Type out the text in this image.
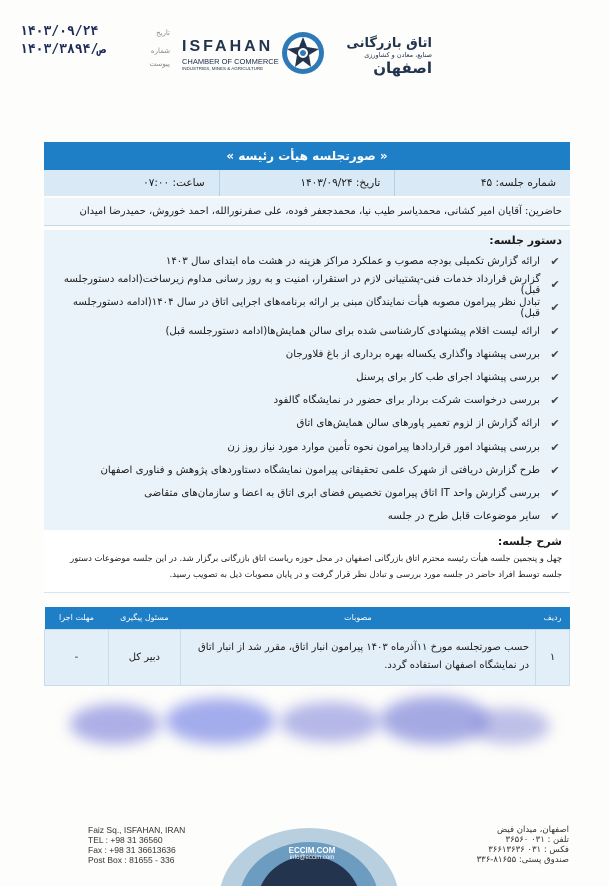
۱۴۰۳/۰۹/۲۴	تاریخ
۱۴۰۳/ص/۳۸۹۴	شماره
پیوست
ISFAHAN
CHAMBER OF COMMERCE
INDUSTRIES, MINES & AGRICULTURE
اتاق بازرگانی
صنایع، معادن و کشاورزی
اصفهان
« صورتجلسه هیأت رئیسه »
شماره جلسه: ۴۵
تاریخ: ۱۴۰۳/۰۹/۲۴
ساعت: ۰۷:۰۰
حاضرین: آقایان امیر کشانی، محمدیاسر طیب نیا، محمدجعفر فوده، علی صفرنورالله، احمد خوروش، حمیدرضا امیدان
دستور جلسه:
✔
ارائه گزارش تکمیلی بودجه مصوب و عملکرد مراکز هزینه در هشت ماه ابتدای سال ۱۴۰۳
✔
گزارش قرارداد خدمات فنی-پشتیبانی لازم در استقرار، امنیت و به روز رسانی مداوم زیرساخت(ادامه دستورجلسه قبل)
✔
تبادل نظر پیرامون مصوبه هیأت نمایندگان مبنی بر ارائه برنامه‌های اجرایی اتاق در سال ۱۴۰۴(ادامه دستورجلسه قبل)
✔
ارائه لیست اقلام پیشنهادی کارشناسی شده برای سالن همایش‌ها(ادامه دستورجلسه قبل)
✔
بررسی پیشنهاد واگذاری یکساله بهره برداری از باغ فلاورجان
✔
بررسی پیشنهاد اجرای طب کار برای پرسنل
✔
بررسی درخواست شرکت بردار برای حضور در نمایشگاه گالفود
✔
ارائه گزارش از لزوم تعمیر پاورهای سالن همایش‌های اتاق
✔
بررسی پیشنهاد امور قراردادها پیرامون نحوه تأمین موارد مورد نیاز روز زن
✔
طرح گزارش دریافتی از شهرک علمی تحقیقاتی پیرامون نمایشگاه دستاوردهای پژوهش و فناوری اصفهان
✔
بررسی گزارش واحد IT اتاق پیرامون تخصیص فضای ابری اتاق به اعضا و سازمان‌های متقاضی
✔
سایر موضوعات قابل طرح در جلسه
شرح جلسه:
چهل و پنجمین جلسه هیأت رئیسه محترم اتاق بازرگانی اصفهان در محل حوزه ریاست اتاق بازرگانی برگزار شد. در این جلسه موضوعات دستور جلسه توسط افراد حاضر در جلسه مورد بررسی و تبادل نظر قرار گرفت و در پایان مصوبات ذیل به تصویب رسید.
ردیف	مصوبات	مسئول پیگیری	مهلت اجرا
۱	حسب صورتجلسه مورخ ۱۱آذرماه ۱۴۰۳ پیرامون انبار اتاق، مقرر شد از انبار اتاق در نمایشگاه اصفهان استفاده گردد.	دبیر کل	-
ECCIM.COM
info@eccim.com
Faiz Sq., ISFAHAN, IRAN
TEL : +98 31 36560
Fax : +98 31 36613636
Post Box : 81655 - 336
اصفهان، میدان فیض
تلفن : ۰۳۱ ۳۶۵۶۰
فکس : ۰۳۱ ۳۶۶۱۳۶۳۶
صندوق پستی: ۸۱۶۵۵-۳۳۶
